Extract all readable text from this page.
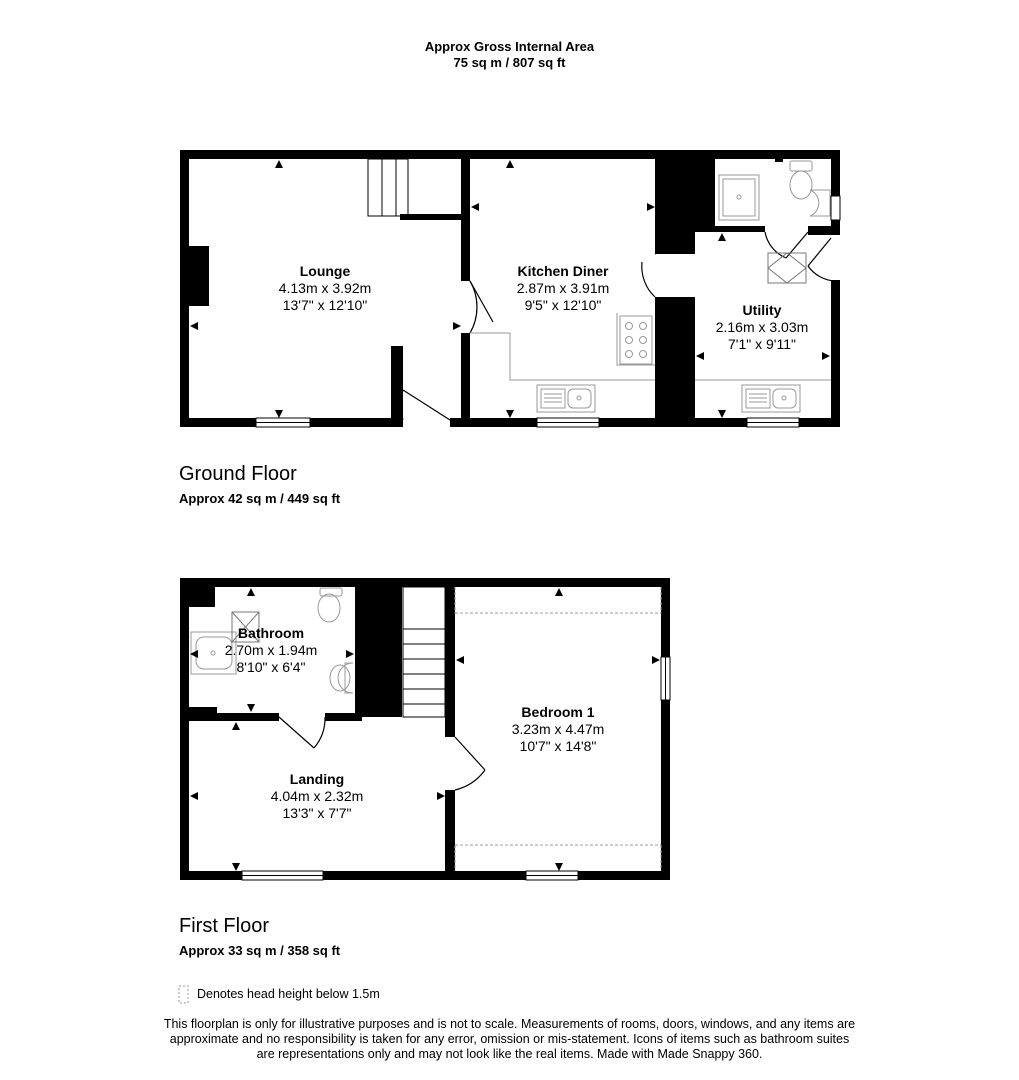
Approx Gross Internal Area
75 sq m / 807 sq ft
Lounge
4.13m x 3.92m
13'7" x 12'10"
Kitchen Diner
2.87m x 3.91m
9'5" x 12'10"	Utility
2.16m x 3.03m
7'1" x 9'11"
Ground Floor
Approx 42 sq m / 449 sq ft
Bathroom
2.70m x 1.94m
8'10" x 6'4"
Landing
4.04m x 2.32m
13'3" x 7'7"
Bedroom 1
3.23m x 4.47m
10'7" x 14'8"
First Floor
Approx 33 sq m / 358 sq ft
Denotes head height below 1.5m
This floorplan is only for illustrative purposes and is not to scale. Measurements of rooms, doors, windows, and any items are
approximate and no responsibility is taken for any error, omission or mis-statement. Icons of items such as bathroom suites
are representations only and may not look like the real items. Made with Made Snappy 360.
